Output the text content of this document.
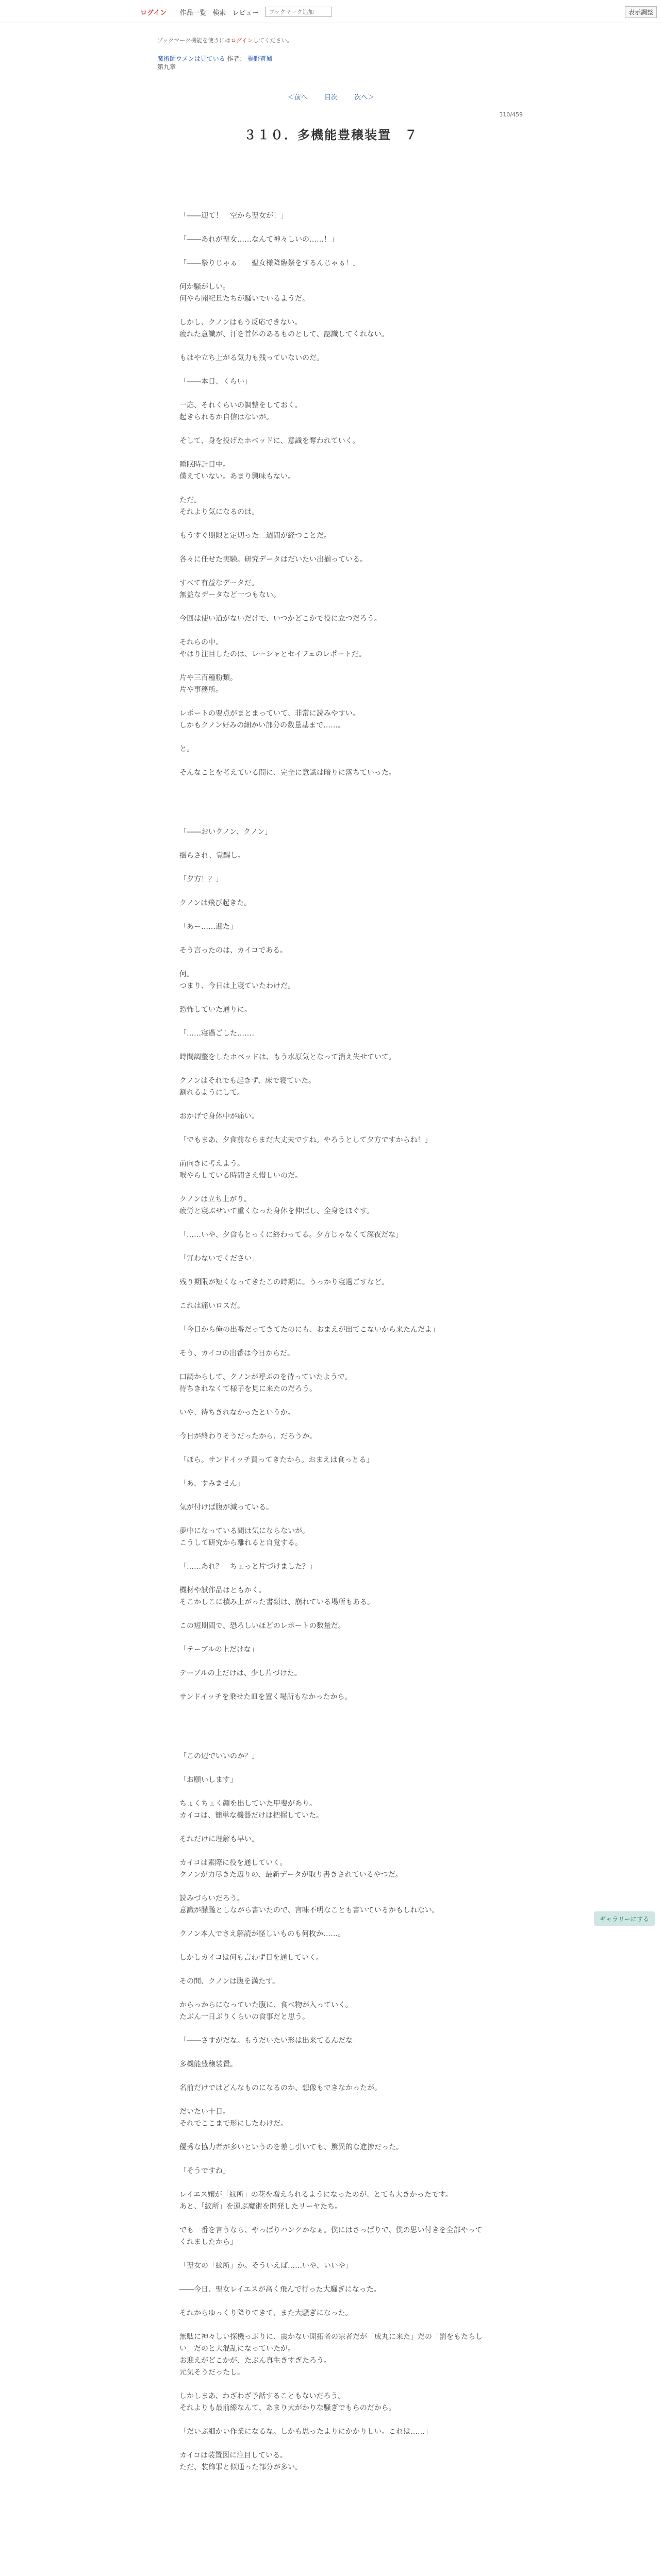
ログイン 作品一覧 検索 レビュー
ブックマーク追加	表示調整
ブックマーク機能を使うにはログインしてください。
魔術師ウメンは見ている 作者： 楊野蒼鳳
第九章
＜前へ 目次 次へ＞
310/459
３１０．多機能豊穣装置　７

「――迎て！　空から聖女が！」

「――あれが聖女……なんて神々しいの……！」

「――祭りじゃぁ！　聖女様降臨祭をするんじゃぁ！」

何か騒がしい。

何やら聞紀旦たちが騒いでいるようだ。

しかし、クノンはもう反応できない。

疲れた意識が、汗を首体のあるものとして、認識してくれない。

もはや立ち上がる気力も残っていないのだ。

「――本日、くらい」

一応、それくらいの調整をしておく。

起きられるか自信はないが。

そして、身を投げたホベッドに、意識を奪われていく。

睡眠時計目中。

僕えていない。あまり興味もない。

ただ。

それより気になるのは。

もうすぐ期限と定切った二週間が経つことだ。

各々に任せた実験。研究データはだいたい出揃っている。

すべて有益なデータだ。

無益なデータなど一つもない。

今回は使い道がないだけで、いつかどこかで役に立つだろう。

それらの中。

やはり注目したのは、レーシャとセイフェのレポートだ。

片や三百種粉類。

片や事務所。

レポートの要点がまとまっていて、非常に読みやすい。

しかもクノン好みの細かい部分の数量基まで……。

と。

そんなことを考えている間に、完全に意識は暗りに落ちていった。

「――おいクノン、クノン」

揺らされ、覚醒し。

「夕方！？」

クノンは飛び起きた。

「あー……迎た」

そう言ったのは、カイコである。

何。

つまり、今日は上寝ていたわけだ。

恐怖していた通りに。

「……寝過ごした……」

時間調整をしたホベッドは、もう水原気となって消え失せていて。

クノンはそれでも起きず、床で寝ていた。

割れるようにして。

おかげで身体中が痛い。

「でもまあ、夕食前ならまだ大丈夫ですね。やろうとして夕方ですからね！」

前向きに考えよう。

喉やらしている時間さえ惜しいのだ。

クノンは立ち上がり。

疲労と寝ぶせいて重くなった身体を伸ばし、全身をほぐす。

「……いや、夕食もとっくに終わってる。夕方じゃなくて深夜だな」

「冗わないでください」

残り期限が短くなってきたこの時期に。うっかり寝過ごすなど。

これは痛いロスだ。

「今日から俺の出番だってきてたのにも、おまえが出てこないから来たんだよ」

そう、カイコの出番は今日からだ。

口調からして、クノンが呼ぶのを待っていたようで。

待ちきれなくて様子を見に来たのだろう。

いや、待ちきれなかったというか。

今日が終わりそうだったから、だろうか。

「ほら。サンドイッチ買ってきたから。おまえは食っとる」

「あ、すみません」

気が付けば腹が減っている。

夢中になっている間は気にならないが。

こうして研究から離れると自覚する。

「……あれ？　ちょっと片づけました？」

機材や試作品はともかく。

そこかしこに積み上がった書類は、崩れている場所もある。

この短期間で、恐ろしいほどのレポートの数量だ。

「テーブルの上だけな」

テーブルの上だけは、少し片づけた。

サンドイッチを乗せた皿を置く場所もなかったから。

「この辺でいいのか？」

「お願いします」

ちょくちょく顔を出していた甲斐があり。

カイコは、簡単な機器だけは把握していた。

それだけに理解も早い。

カイコは素際に役を通していく。

クノンが力尽きた辺りの、最新データが取り書きされているやつだ。

読みづらいだろう。

意識が朦朧としながら書いたので、言味不明なことも書いているかもしれない。

クノン本人でさえ解読が怪しいものも何枚か……。

しかしカイコは何も言わず目を通していく。

その間、クノンは腹を満たす。

からっからになっていた腹に、食べ物が入っていく。

たぶん一日ぶりくらいの食事だと思う。

「――さすがだな。もうだいたい形は出来てるんだな」

多機能豊穣装置。

名前だけではどんなものになるのか、想像もできなかったが。

だいたい十日。

それでここまで形にしたわけだ。

優秀な協力者が多いというのを差し引いても、驚異的な進捗だった。

「そうですね」

レイエス嬢が「紋所」の花を増えられるようになったのが、とても大きかったです。

あと、「紋所」を運ぶ魔術を開発したリーヤたち。

でも一番を言うなら、やっぱりハンクかなぁ。僕にはさっぱりで、僕の思い付きを全部やってくれましたから」

「聖女の「紋所」か。そういえば……いや、いいや」

――今日、聖女レイエスが高く飛んで行った大騒ぎになった。

それからゆっくり降りてきて、また大騒ぎになった。

無駄に神々しい探機っぷりに、震かない開拓者の宗者だが「成丸に来た」だの「罰をもたらしい」だのと大混乱になっていたが。

お迎えがどこかが、たぶん真生きすぎたろう。

元気そうだったし。

しかしまあ、わざわざ予話することもないだろう。

それよりも最前線なんて、あまり大がかりな騒ぎでもらのだから。

「だいぶ細かい作業になるな。しかも思ったよりにかかりしい。これは……」

カイコは装置図に注目している。

ただ、装飾罪と似通った部分が多い。

ギャラリーにする
